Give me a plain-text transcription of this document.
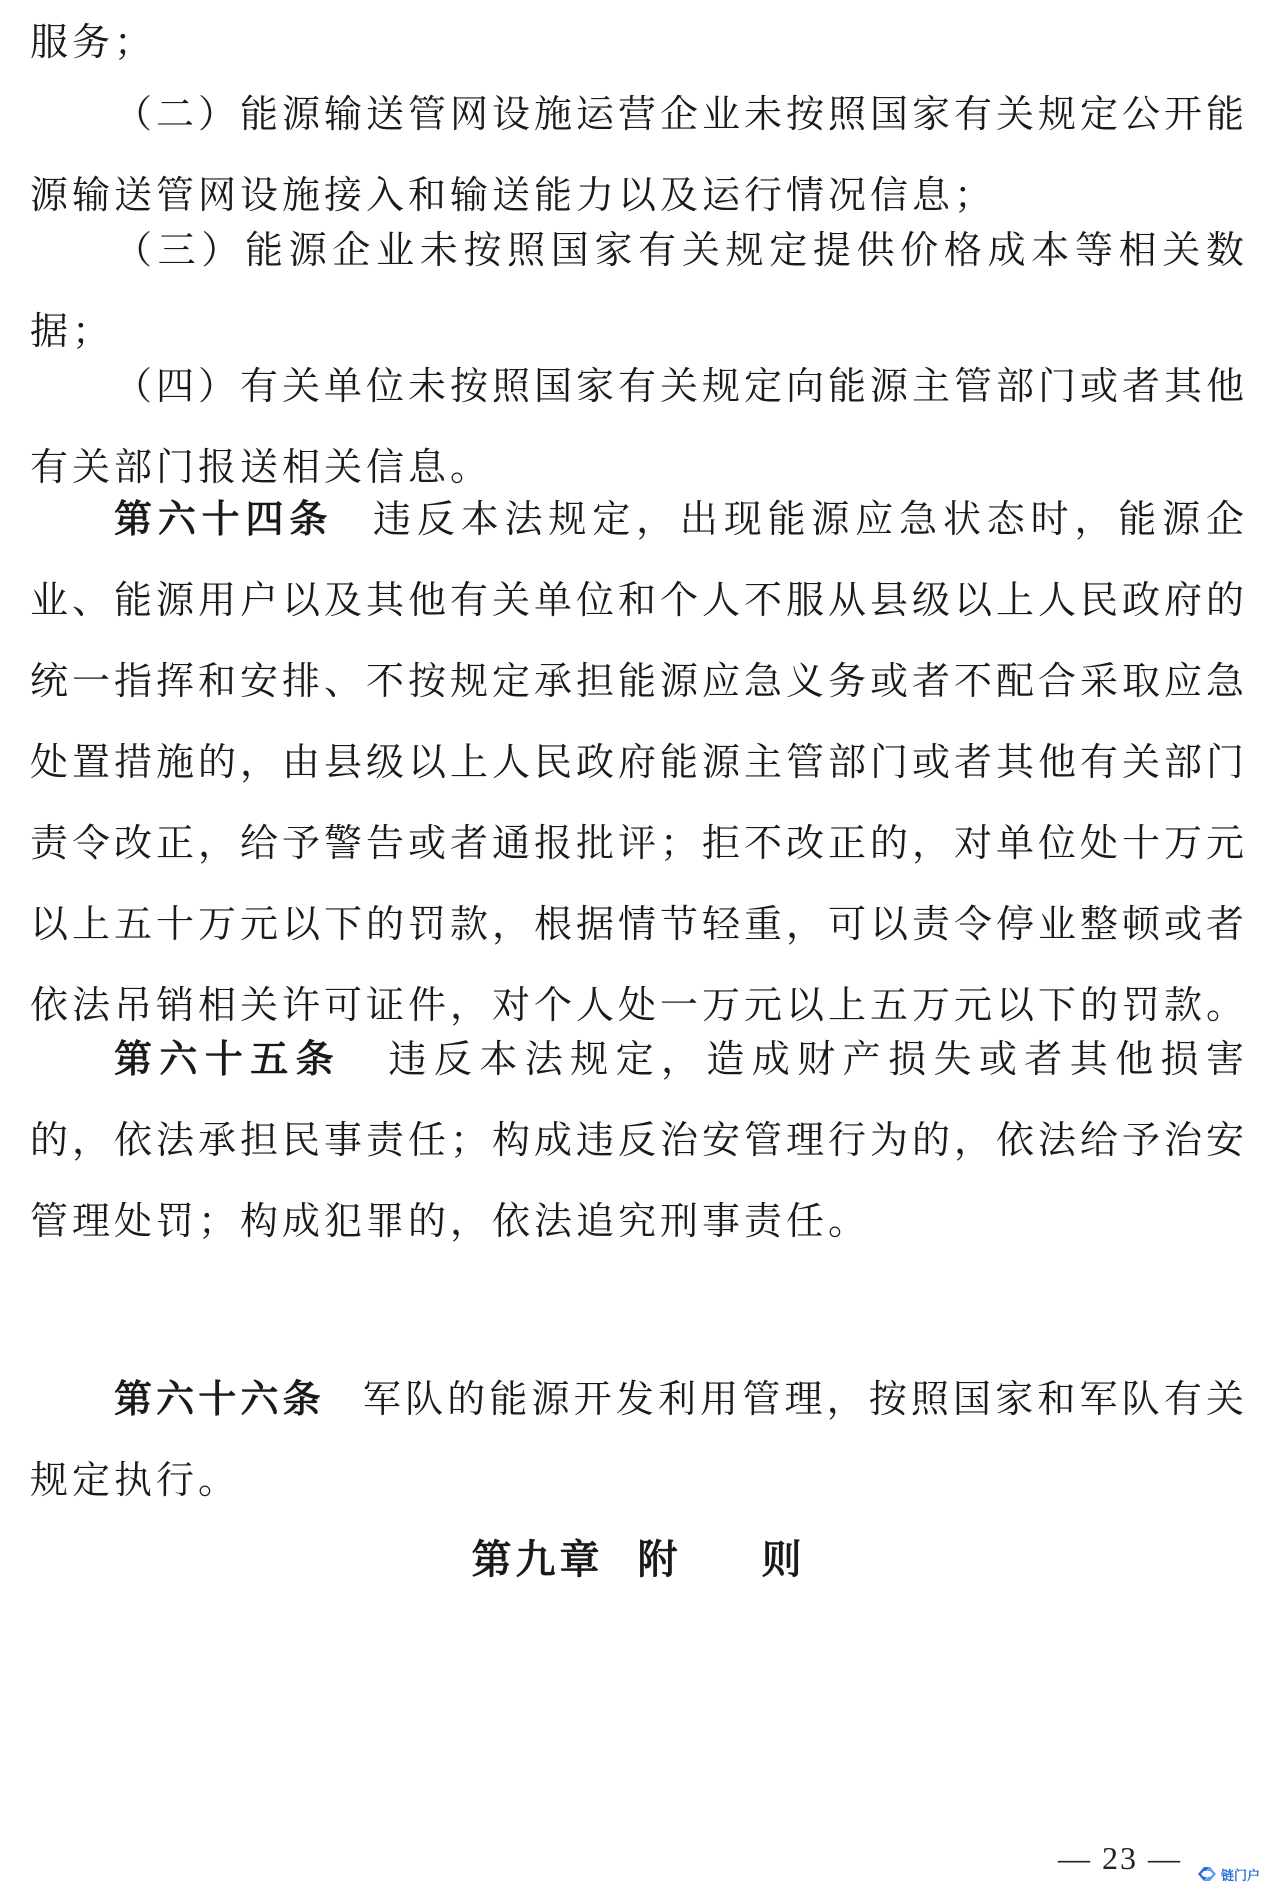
服务；

（二）能源输送管网设施运营企业未按照国家有关规定公开能源输送管网设施接入和输送能力以及运行情况信息；

（三）能源企业未按照国家有关规定提供价格成本等相关数据；

（四）有关单位未按照国家有关规定向能源主管部门或者其他有关部门报送相关信息。

第六十四条 违反本法规定，出现能源应急状态时，能源企业、能源用户以及其他有关单位和个人不服从县级以上人民政府的统一指挥和安排、不按规定承担能源应急义务或者不配合采取应急处置措施的，由县级以上人民政府能源主管部门或者其他有关部门责令改正，给予警告或者通报批评；拒不改正的，对单位处十万元以上五十万元以下的罚款，根据情节轻重，可以责令停业整顿或者依法吊销相关许可证件，对个人处一万元以上五万元以下的罚款。

第六十五条 违反本法规定，造成财产损失或者其他损害的，依法承担民事责任；构成违反治安管理行为的，依法给予治安管理处罚；构成犯罪的，依法追究刑事责任。

第九章 附 则

第六十六条 军队的能源开发利用管理，按照国家和军队有关规定执行。

— 23 —	链门户
